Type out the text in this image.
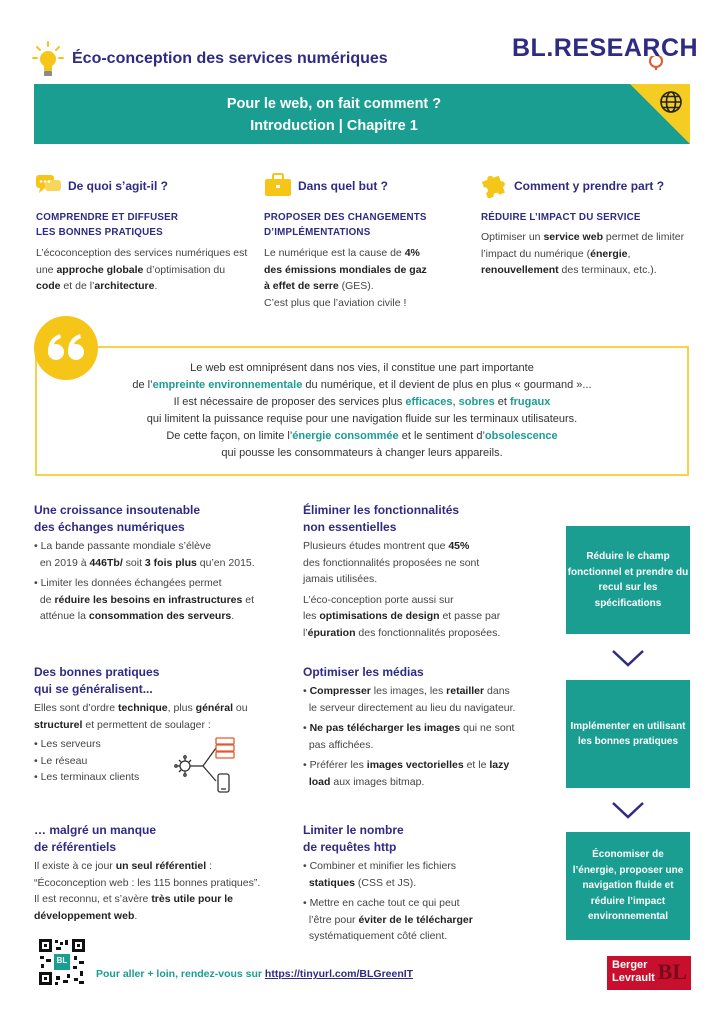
Éco-conception des services numériques	BL.RESEARCH
Pour le web, on fait comment ?
Introduction | Chapitre 1
De quoi s’agit-il ?
COMPRENDRE ET DIFFUSER
LES BONNES PRATIQUES
L’écoconception des services numériques est une approche globale d’optimisation du code et de l’architecture.
Dans quel but ?
PROPOSER DES CHANGEMENTS
D’IMPLÉMENTATIONS
Le numérique est la cause de 4%
des émissions mondiales de gaz
à effet de serre (GES).
C’est plus que l’aviation civile !
Comment y prendre part ?
RÉDUIRE L’IMPACT DU SERVICE
Optimiser un service web permet de limiter l’impact du numérique (énergie, renouvellement des terminaux, etc.).
Le web est omniprésent dans nos vies, il constitue une part importante
de l’empreinte environnementale du numérique, et il devient de plus en plus « gourmand »...
Il est nécessaire de proposer des services plus efficaces, sobres et frugaux
qui limitent la puissance requise pour une navigation fluide sur les terminaux utilisateurs.
De cette façon, on limite l’énergie consommée et le sentiment d’obsolescence
qui pousse les consommateurs à changer leurs appareils.
Une croissance insoutenable
des échanges numériques
• La bande passante mondiale s’élève
en 2019 à 446Tb/ soit 3 fois plus qu’en 2015.
• Limiter les données échangées permet
de réduire les besoins en infrastructures et
atténue la consommation des serveurs.
Des bonnes pratiques
qui se généralisent...
Elles sont d’ordre technique, plus général ou structurel et permettent de soulager :
• Les serveurs
• Le réseau
• Les terminaux clients
… malgré un manque
de référentiels
Il existe à ce jour un seul référentiel :
“Écoconception web : les 115 bonnes pratiques”. Il est reconnu, et s’avère très utile pour le développement web.
Éliminer les fonctionnalités
non essentielles
Plusieurs études montrent que 45%
des fonctionnalités proposées ne sont
jamais utilisées.
L’éco-conception porte aussi sur
les optimisations de design et passe par
l’épuration des fonctionnalités proposées.
Optimiser les médias
• Compresser les images, les retailler dans
le serveur directement au lieu du navigateur.
• Ne pas télécharger les images qui ne sont
pas affichées.
• Préférer les images vectorielles et le lazy
load aux images bitmap.
Limiter le nombre
de requêtes http
• Combiner et minifier les fichiers
statiques (CSS et JS).
• Mettre en cache tout ce qui peut
l’être pour éviter de le télécharger
systématiquement côté client.
Réduire le champ fonctionnel et prendre du recul sur les spécifications
Implémenter en utilisant les bonnes pratiques
Économiser de l’énergie, proposer une navigation fluide et réduire l’impact environnemental
BL
Pour aller + loin, rendez-vous sur https://tinyurl.com/BLGreenIT
Berger
Levrault BL
